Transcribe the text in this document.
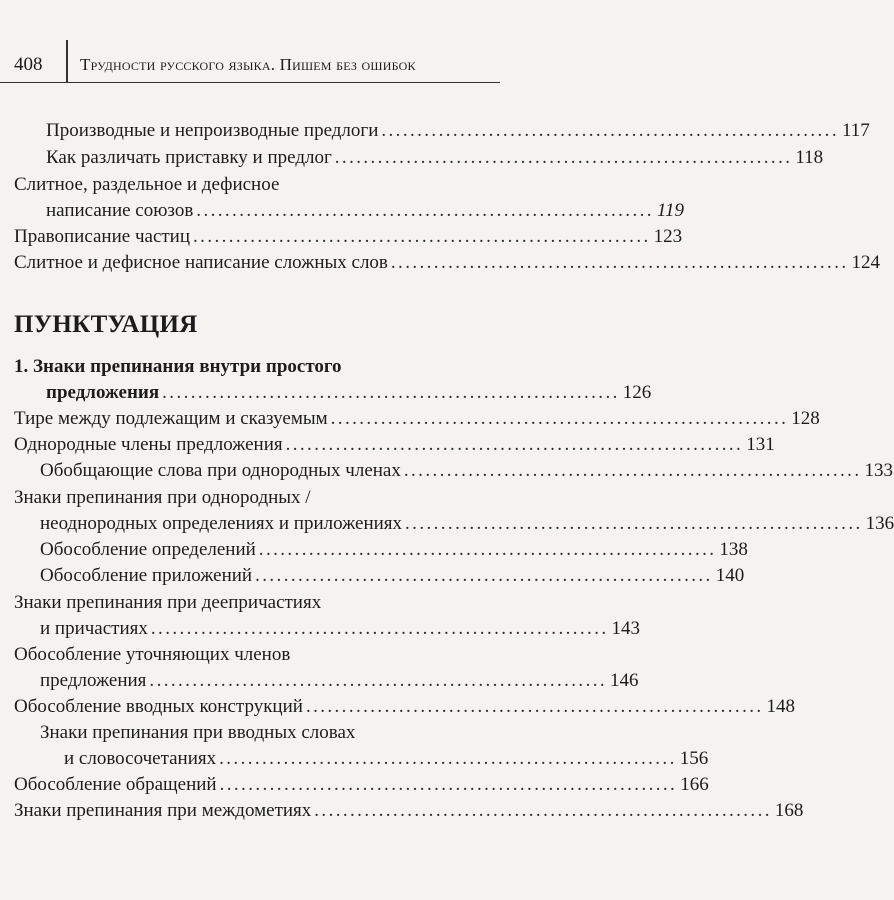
408 Трудности русского языка. Пишем без ошибок
Производные и непроизводные предлоги ................................................................ 117
Как различать приставку и предлог ................................................................ 118
Слитное, раздельное и дефисное
написание союзов ................................................................ 119
Правописание частиц ................................................................ 123
Слитное и дефисное написание сложных слов ................................................................ 124
ПУНКТУАЦИЯ
1. Знаки препинания внутри простого
предложения ................................................................ 126
Тире между подлежащим и сказуемым ................................................................ 128
Однородные члены предложения ................................................................ 131
Обобщающие слова при однородных членах ................................................................ 133
Знаки препинания при однородных /
неоднородных определениях и приложениях ................................................................ 136
Обособление определений ................................................................ 138
Обособление приложений ................................................................ 140
Знаки препинания при деепричастиях
и причастиях ................................................................ 143
Обособление уточняющих членов
предложения ................................................................ 146
Обособление вводных конструкций ................................................................ 148
Знаки препинания при вводных словах
и словосочетаниях ................................................................ 156
Обособление обращений ................................................................ 166
Знаки препинания при междометиях ................................................................ 168
